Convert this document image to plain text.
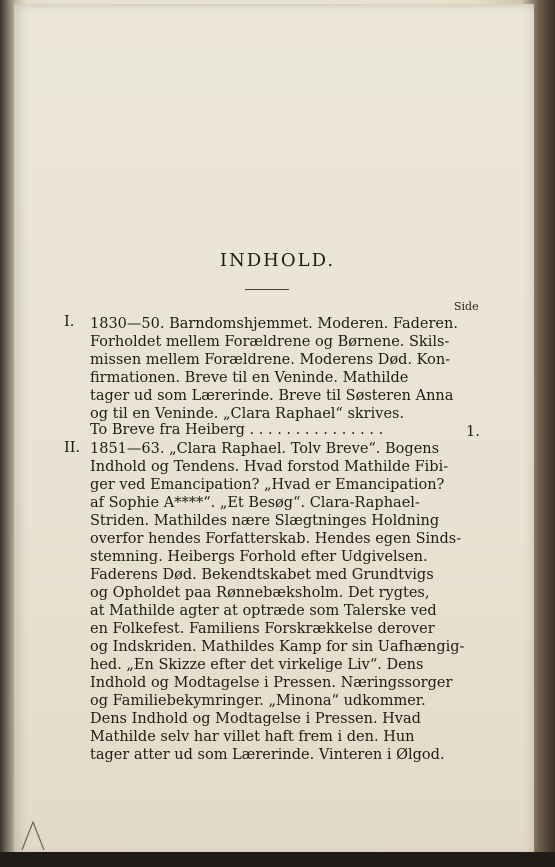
INDHOLD.
Side
I. 1830—50. Barndomshjemmet. Moderen. Faderen.
Forholdet mellem Forældrene og Børnene. Skils-
missen mellem Forældrene. Moderens Død. Kon-
firmationen. Breve til en Veninde. Mathilde
tager ud som Lærerinde. Breve til Søsteren Anna
og til en Veninde. „Clara Raphael“ skrives.
To Breve fra Heiberg . . . . . . . . . . . . . . .	1.
II. 1851—63. „Clara Raphael. Tolv Breve“. Bogens
Indhold og Tendens. Hvad forstod Mathilde Fibi-
ger ved Emancipation? „Hvad er Emancipation?
af Sophie A****“. „Et Besøg“. Clara-Raphael-
Striden. Mathildes nære Slægtninges Holdning
overfor hendes Forfatterskab. Hendes egen Sinds-
stemning. Heibergs Forhold efter Udgivelsen.
Faderens Død. Bekendtskabet med Grundtvigs
og Opholdet paa Rønnebæksholm. Det rygtes,
at Mathilde agter at optræde som Talerske ved
en Folkefest. Familiens Forskrækkelse derover
og Indskriden. Mathildes Kamp for sin Uafhængig-
hed. „En Skizze efter det virkelige Liv“. Dens
Indhold og Modtagelse i Pressen. Næringssorger
og Familiebekymringer. „Minona“ udkommer.
Dens Indhold og Modtagelse i Pressen. Hvad
Mathilde selv har villet haft frem i den. Hun
tager atter ud som Lærerinde. Vinteren i Ølgod.
